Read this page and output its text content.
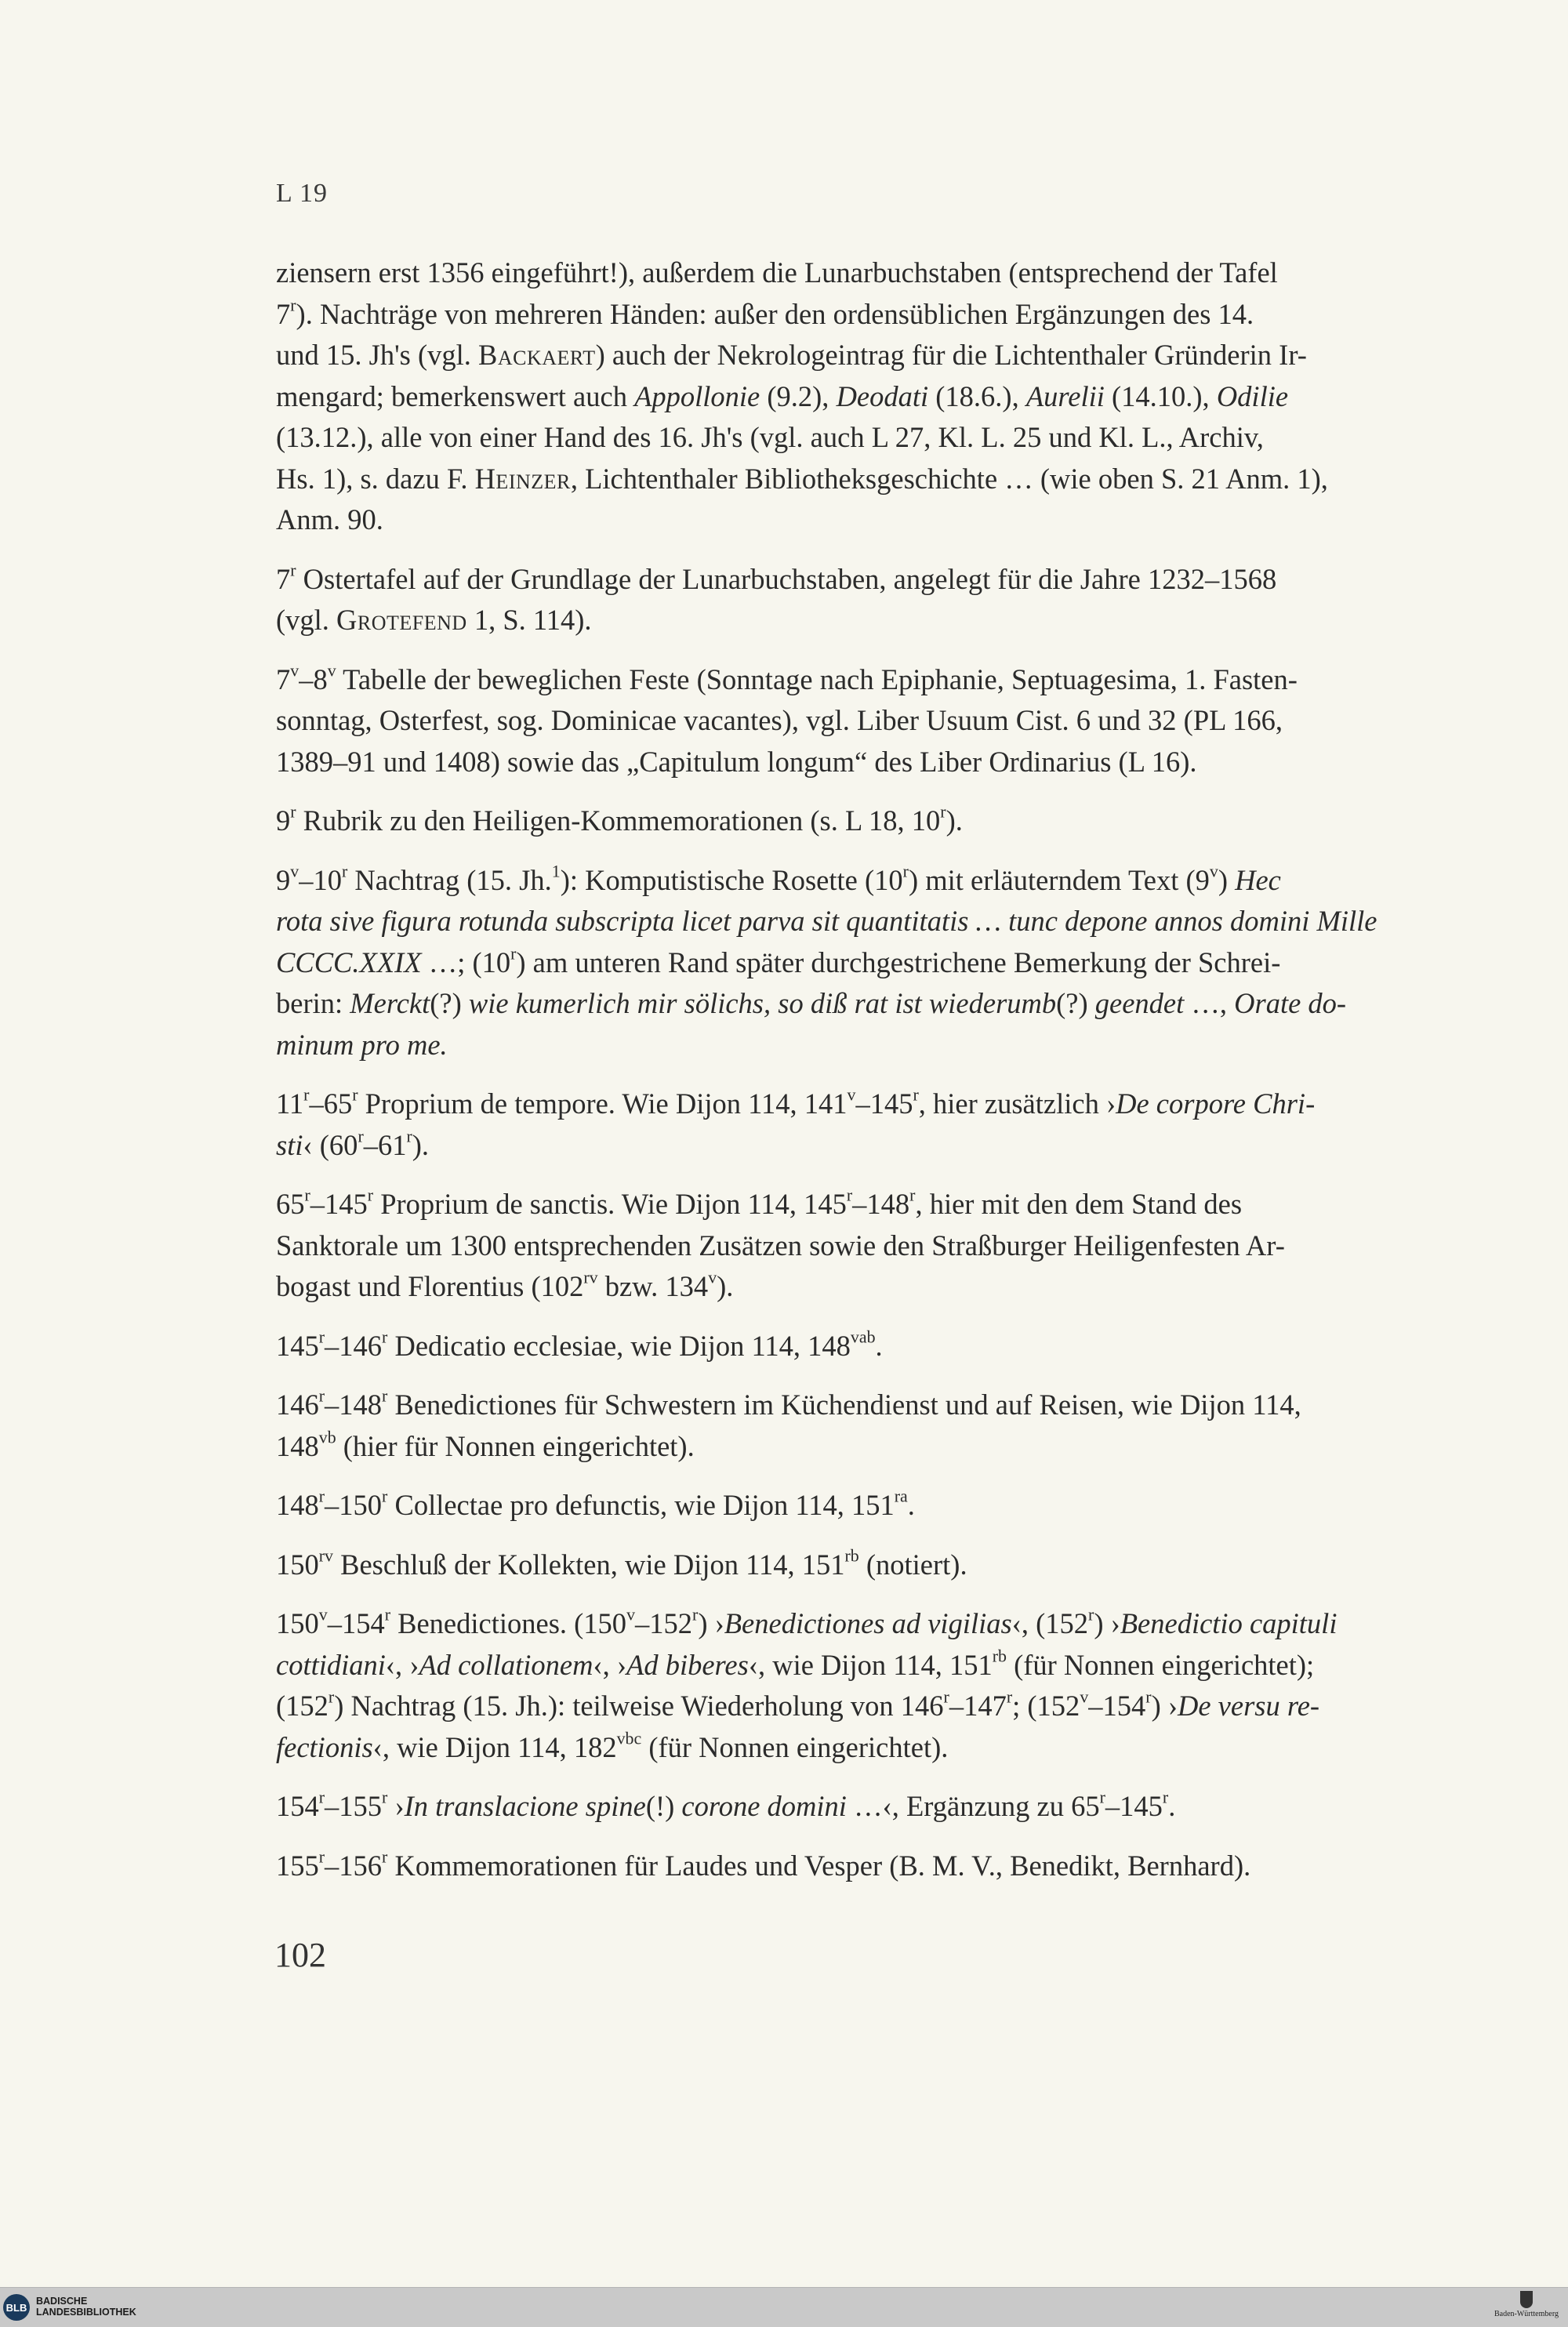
L 19

ziensern erst 1356 eingeführt!), außerdem die Lunarbuchstaben (entsprechend der Tafel

7$^r$). Nachträge von mehreren Händen: außer den ordensüblichen Ergänzungen des 14.

und 15. Jh's (vgl. Backaert) auch der Nekrologeintrag für die Lichtenthaler Gründerin Ir-

mengard; bemerkenswert auch Appollonie (9.2), Deodati (18.6.), Aurelii (14.10.), Odilie

(13.12.), alle von einer Hand des 16. Jh's (vgl. auch L 27, Kl. L. 25 und Kl. L., Archiv,

Hs. 1), s. dazu F. Heinzer, Lichtenthaler Bibliotheksgeschichte … (wie oben S. 21 Anm. 1),

Anm. 90.

7$^r$ Ostertafel auf der Grundlage der Lunarbuchstaben, angelegt für die Jahre 1232–1568

(vgl. Grotefend 1, S. 114).

7$^v$–8$^v$ Tabelle der beweglichen Feste (Sonntage nach Epiphanie, Septuagesima, 1. Fasten-

sonntag, Osterfest, sog. Dominicae vacantes), vgl. Liber Usuum Cist. 6 und 32 (PL 166,

1389–91 und 1408) sowie das „Capitulum longum“ des Liber Ordinarius (L 16).

9$^r$ Rubrik zu den Heiligen-Kommemorationen (s. L 18, 10$^r$).

9$^v$–10$^r$ Nachtrag (15. Jh.$^1$): Komputistische Rosette (10$^r$) mit erläuterndem Text (9$^v$) Hec

rota sive figura rotunda subscripta licet parva sit quantitatis … tunc depone annos domini Mille

CCCC.XXIX …; (10$^r$) am unteren Rand später durchgestrichene Bemerkung der Schrei-

berin: Merckt(?) wie kumerlich mir sölichs, so diß rat ist wiederumb(?) geendet …, Orate do-

minum pro me.

11$^r$–65$^r$ Proprium de tempore. Wie Dijon 114, 141$^v$–145$^r$, hier zusätzlich ›De corpore Chri-

sti‹ (60$^r$–61$^r$).

65$^r$–145$^r$ Proprium de sanctis. Wie Dijon 114, 145$^r$–148$^r$, hier mit den dem Stand des

Sanktorale um 1300 entsprechenden Zusätzen sowie den Straßburger Heiligenfesten Ar-

bogast und Florentius ($102^{rv}$ bzw. 134$^v$).

145$^r$–146$^r$ Dedicatio ecclesiae, wie Dijon 114, $148^{vab}$.

146$^r$–148$^r$ Benedictiones für Schwestern im Küchendienst und auf Reisen, wie Dijon 114,

$148^{vb}$ (hier für Nonnen eingerichtet).

148$^r$–150$^r$ Collectae pro defunctis, wie Dijon 114, $151^{ra}$.

$150^{rv}$ Beschluß der Kollekten, wie Dijon 114, $151^{rb}$ (notiert).

150$^v$–154$^r$ Benedictiones. (150$^v$–152$^r$) ›Benedictiones ad vigilias‹, (152$^r$) ›Benedictio capituli

cottidiani‹, ›Ad collationem‹, ›Ad biberes‹, wie Dijon 114, $151^{rb}$ (für Nonnen eingerichtet);

(152$^r$) Nachtrag (15. Jh.): teilweise Wiederholung von 146$^r$–147$^r$; (152$^v$–154$^r$) ›De versu re-

fectionis‹, wie Dijon 114, $182^{vbc}$ (für Nonnen eingerichtet).

154$^r$–155$^r$ ›In translacione spine(!) corone domini …‹, Ergänzung zu 65$^r$–145$^r$.

155$^r$–156$^r$ Kommemorationen für Laudes und Vesper (B. M. V., Benedikt, Bernhard).

102
BLB
BADISCHE
LANDESBIBLIOTHEK	Baden-Württemberg
